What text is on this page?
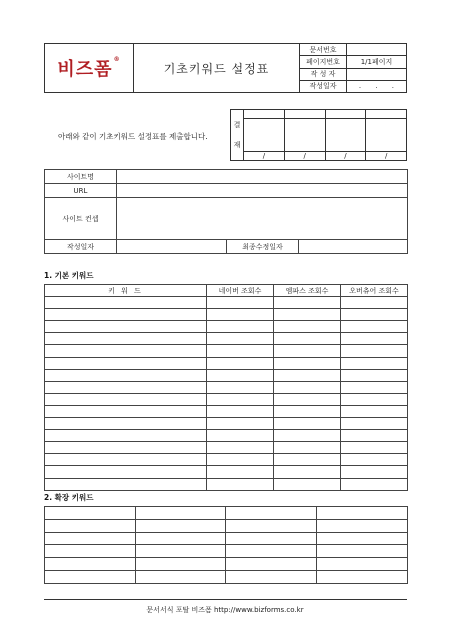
비즈폼®	기초키워드 설정표	문서번호	
		페이지번호	1/1페이지
		작 성 자	
		작성일자	. . .
아래와 같이 기초키워드 설정표를 제출합니다.
결
재				

	/	/	/	/
사이트명			
URL			
사이트 컨셉			
작성일자		최종수정일자	
1. 기본 키워드
키 워 드	네이버 조회수	엠파스 조회수	오버츄어 조회수

2. 확장 키워드

문서서식 포탈 비즈폼 http://www.bizforms.co.kr
